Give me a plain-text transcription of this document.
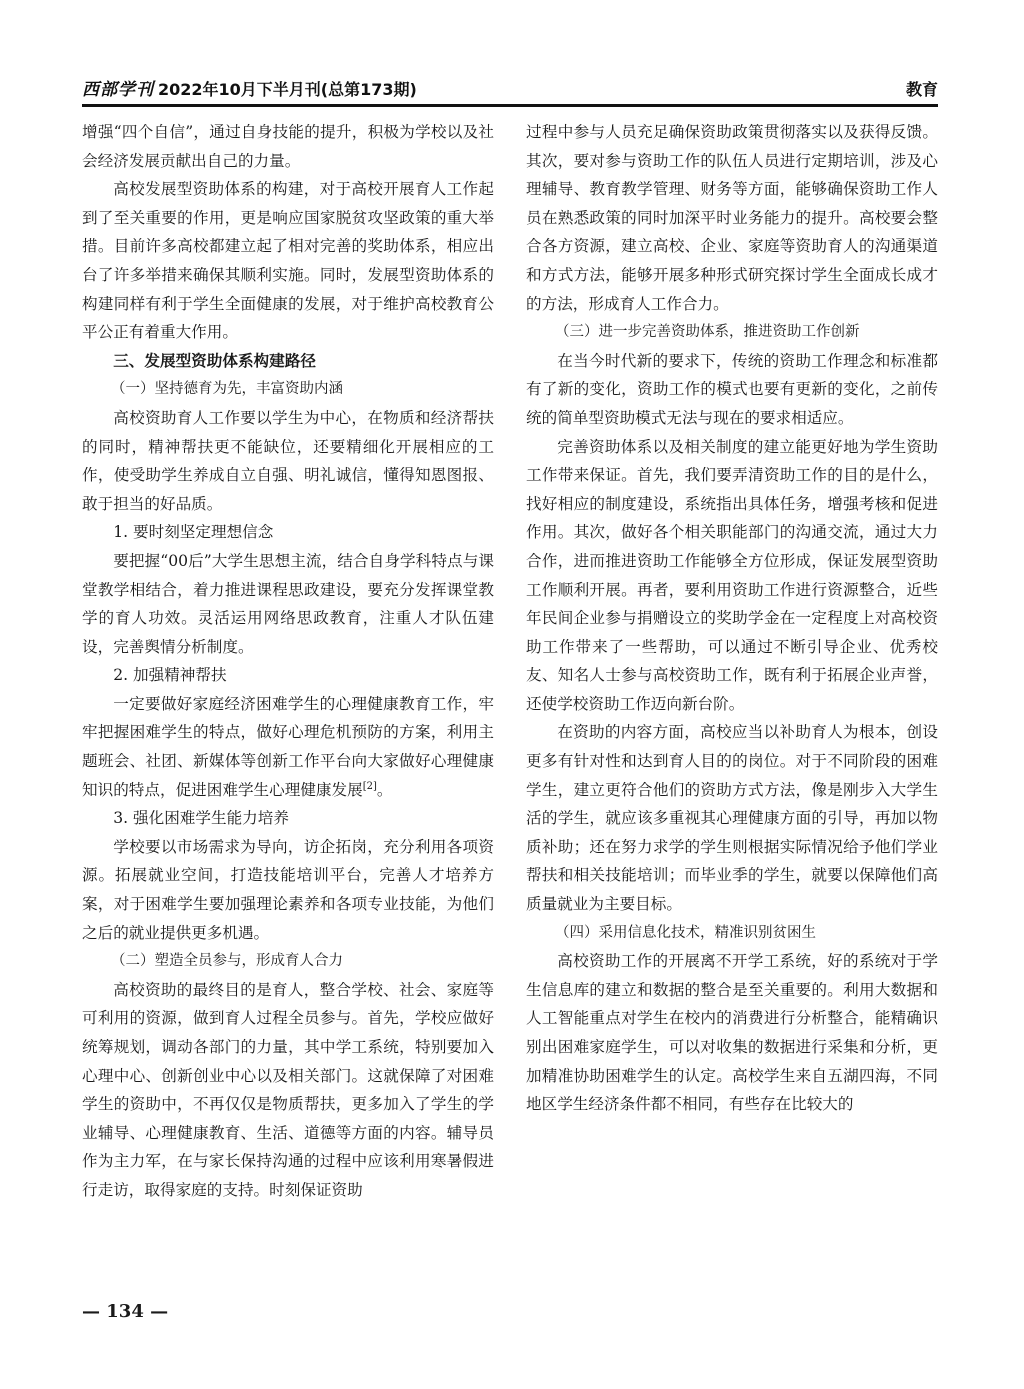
西部学刊 2022年10月下半月刊(总第173期)	教育

增强“四个自信”，通过自身技能的提升，积极为学校以及社会经济发展贡献出自己的力量。

高校发展型资助体系的构建，对于高校开展育人工作起到了至关重要的作用，更是响应国家脱贫攻坚政策的重大举措。目前许多高校都建立起了相对完善的奖助体系，相应出台了许多举措来确保其顺利实施。同时，发展型资助体系的构建同样有利于学生全面健康的发展，对于维护高校教育公平公正有着重大作用。

三、发展型资助体系构建路径

（一）坚持德育为先，丰富资助内涵

高校资助育人工作要以学生为中心，在物质和经济帮扶的同时，精神帮扶更不能缺位，还要精细化开展相应的工作，使受助学生养成自立自强、明礼诚信，懂得知恩图报、敢于担当的好品质。

1. 要时刻坚定理想信念

要把握“00后”大学生思想主流，结合自身学科特点与课堂教学相结合，着力推进课程思政建设，要充分发挥课堂教学的育人功效。灵活运用网络思政教育，注重人才队伍建设，完善舆情分析制度。

2. 加强精神帮扶

一定要做好家庭经济困难学生的心理健康教育工作，牢牢把握困难学生的特点，做好心理危机预防的方案，利用主题班会、社团、新媒体等创新工作平台向大家做好心理健康知识的特点，促进困难学生心理健康发展[2]。

3. 强化困难学生能力培养

学校要以市场需求为导向，访企拓岗，充分利用各项资源。拓展就业空间，打造技能培训平台，完善人才培养方案，对于困难学生要加强理论素养和各项专业技能，为他们之后的就业提供更多机遇。

（二）塑造全员参与，形成育人合力

高校资助的最终目的是育人，整合学校、社会、家庭等可利用的资源，做到育人过程全员参与。首先，学校应做好统筹规划，调动各部门的力量，其中学工系统，特别要加入心理中心、创新创业中心以及相关部门。这就保障了对困难学生的资助中，不再仅仅是物质帮扶，更多加入了学生的学业辅导、心理健康教育、生活、道德等方面的内容。辅导员作为主力军，在与家长保持沟通的过程中应该利用寒暑假进行走访，取得家庭的支持。时刻保证资助

过程中参与人员充足确保资助政策贯彻落实以及获得反馈。其次，要对参与资助工作的队伍人员进行定期培训，涉及心理辅导、教育教学管理、财务等方面，能够确保资助工作人员在熟悉政策的同时加深平时业务能力的提升。高校要会整合各方资源，建立高校、企业、家庭等资助育人的沟通渠道和方式方法，能够开展多种形式研究探讨学生全面成长成才的方法，形成育人工作合力。

（三）进一步完善资助体系，推进资助工作创新

在当今时代新的要求下，传统的资助工作理念和标准都有了新的变化，资助工作的模式也要有更新的变化，之前传统的简单型资助模式无法与现在的要求相适应。

完善资助体系以及相关制度的建立能更好地为学生资助工作带来保证。首先，我们要弄清资助工作的目的是什么，找好相应的制度建设，系统指出具体任务，增强考核和促进作用。其次，做好各个相关职能部门的沟通交流，通过大力合作，进而推进资助工作能够全方位形成，保证发展型资助工作顺利开展。再者，要利用资助工作进行资源整合，近些年民间企业参与捐赠设立的奖助学金在一定程度上对高校资助工作带来了一些帮助，可以通过不断引导企业、优秀校友、知名人士参与高校资助工作，既有利于拓展企业声誉，还使学校资助工作迈向新台阶。

在资助的内容方面，高校应当以补助育人为根本，创设更多有针对性和达到育人目的的岗位。对于不同阶段的困难学生，建立更符合他们的资助方式方法，像是刚步入大学生活的学生，就应该多重视其心理健康方面的引导，再加以物质补助；还在努力求学的学生则根据实际情况给予他们学业帮扶和相关技能培训；而毕业季的学生，就要以保障他们高质量就业为主要目标。

（四）采用信息化技术，精准识别贫困生

高校资助工作的开展离不开学工系统，好的系统对于学生信息库的建立和数据的整合是至关重要的。利用大数据和人工智能重点对学生在校内的消费进行分析整合，能精确识别出困难家庭学生，可以对收集的数据进行采集和分析，更加精准协助困难学生的认定。高校学生来自五湖四海，不同地区学生经济条件都不相同，有些存在比较大的

— 134 —
